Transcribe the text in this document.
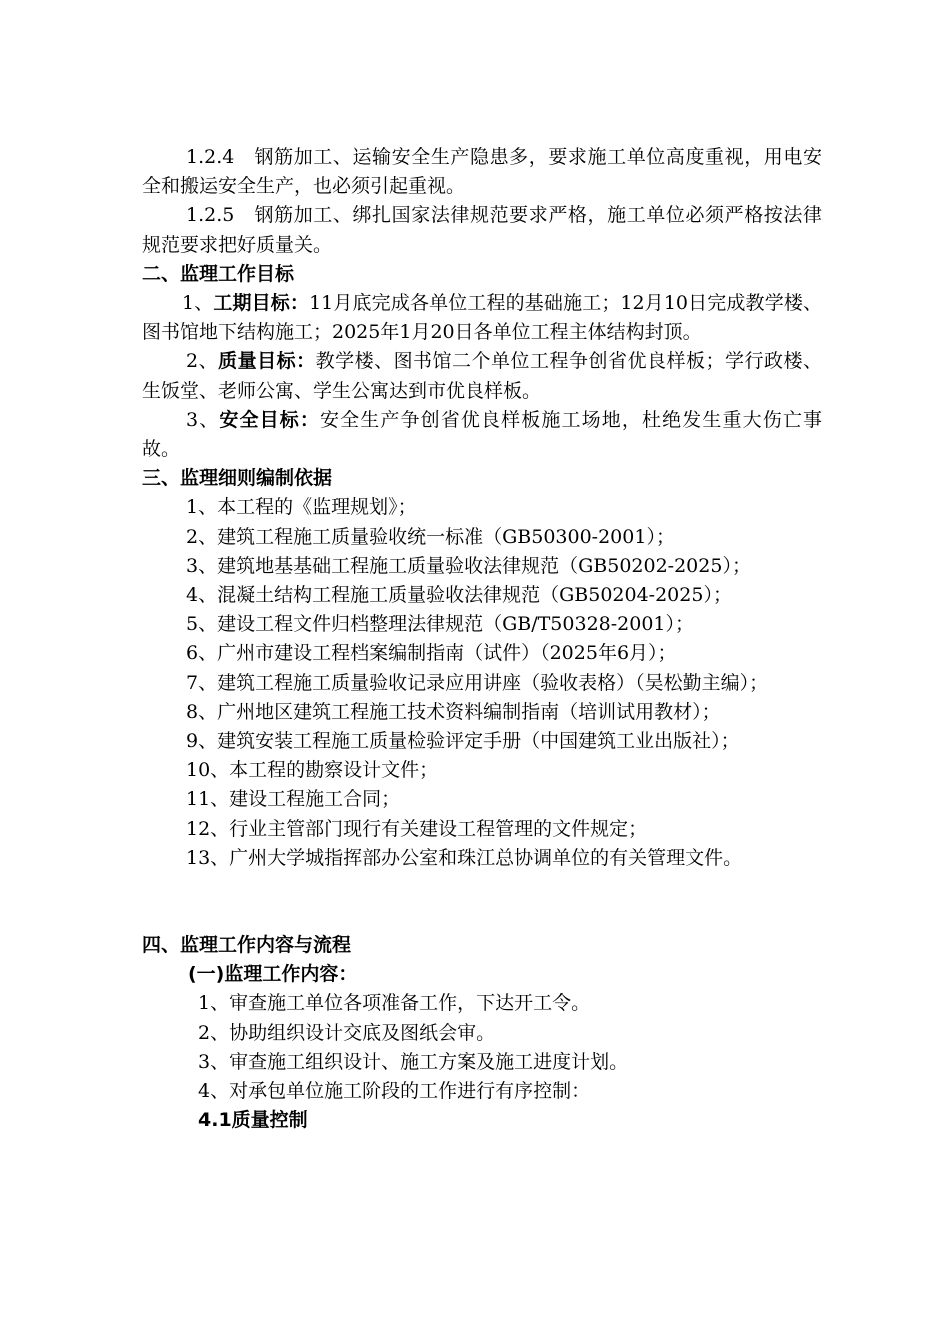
1.2.4　钢筋加工、运输安全生产隐患多，要求施工单位高度重视，用电安全和搬运安全生产，也必须引起重视。

1.2.5　钢筋加工、绑扎国家法律规范要求严格，施工单位必须严格按法律规范要求把好质量关。

二、监理工作目标

1、工期目标：11月底完成各单位工程的基础施工；12月10日完成教学楼、图书馆地下结构施工；2025年1月20日各单位工程主体结构封顶。

2、质量目标：教学楼、图书馆二个单位工程争创省优良样板；学行政楼、生饭堂、老师公寓、学生公寓达到市优良样板。

3、安全目标：安全生产争创省优良样板施工场地，杜绝发生重大伤亡事故。

三、监理细则编制依据

1、本工程的《监理规划》；

2、建筑工程施工质量验收统一标准（GB50300-2001）；

3、建筑地基基础工程施工质量验收法律规范（GB50202-2025）；

4、混凝土结构工程施工质量验收法律规范（GB50204-2025）；

5、建设工程文件归档整理法律规范（GB/T50328-2001）；

6、广州市建设工程档案编制指南（试件）（2025年6月）；

7、建筑工程施工质量验收记录应用讲座（验收表格）（吴松勤主编）；

8、广州地区建筑工程施工技术资料编制指南（培训试用教材）；

9、建筑安装工程施工质量检验评定手册（中国建筑工业出版社）；

10、本工程的勘察设计文件；

11、建设工程施工合同；

12、行业主管部门现行有关建设工程管理的文件规定；

13、广州大学城指挥部办公室和珠江总协调单位的有关管理文件。

四、监理工作内容与流程

(一)监理工作内容：

1、审查施工单位各项准备工作，下达开工令。

2、协助组织设计交底及图纸会审。

3、审查施工组织设计、施工方案及施工进度计划。

4、对承包单位施工阶段的工作进行有序控制：

4.1质量控制
